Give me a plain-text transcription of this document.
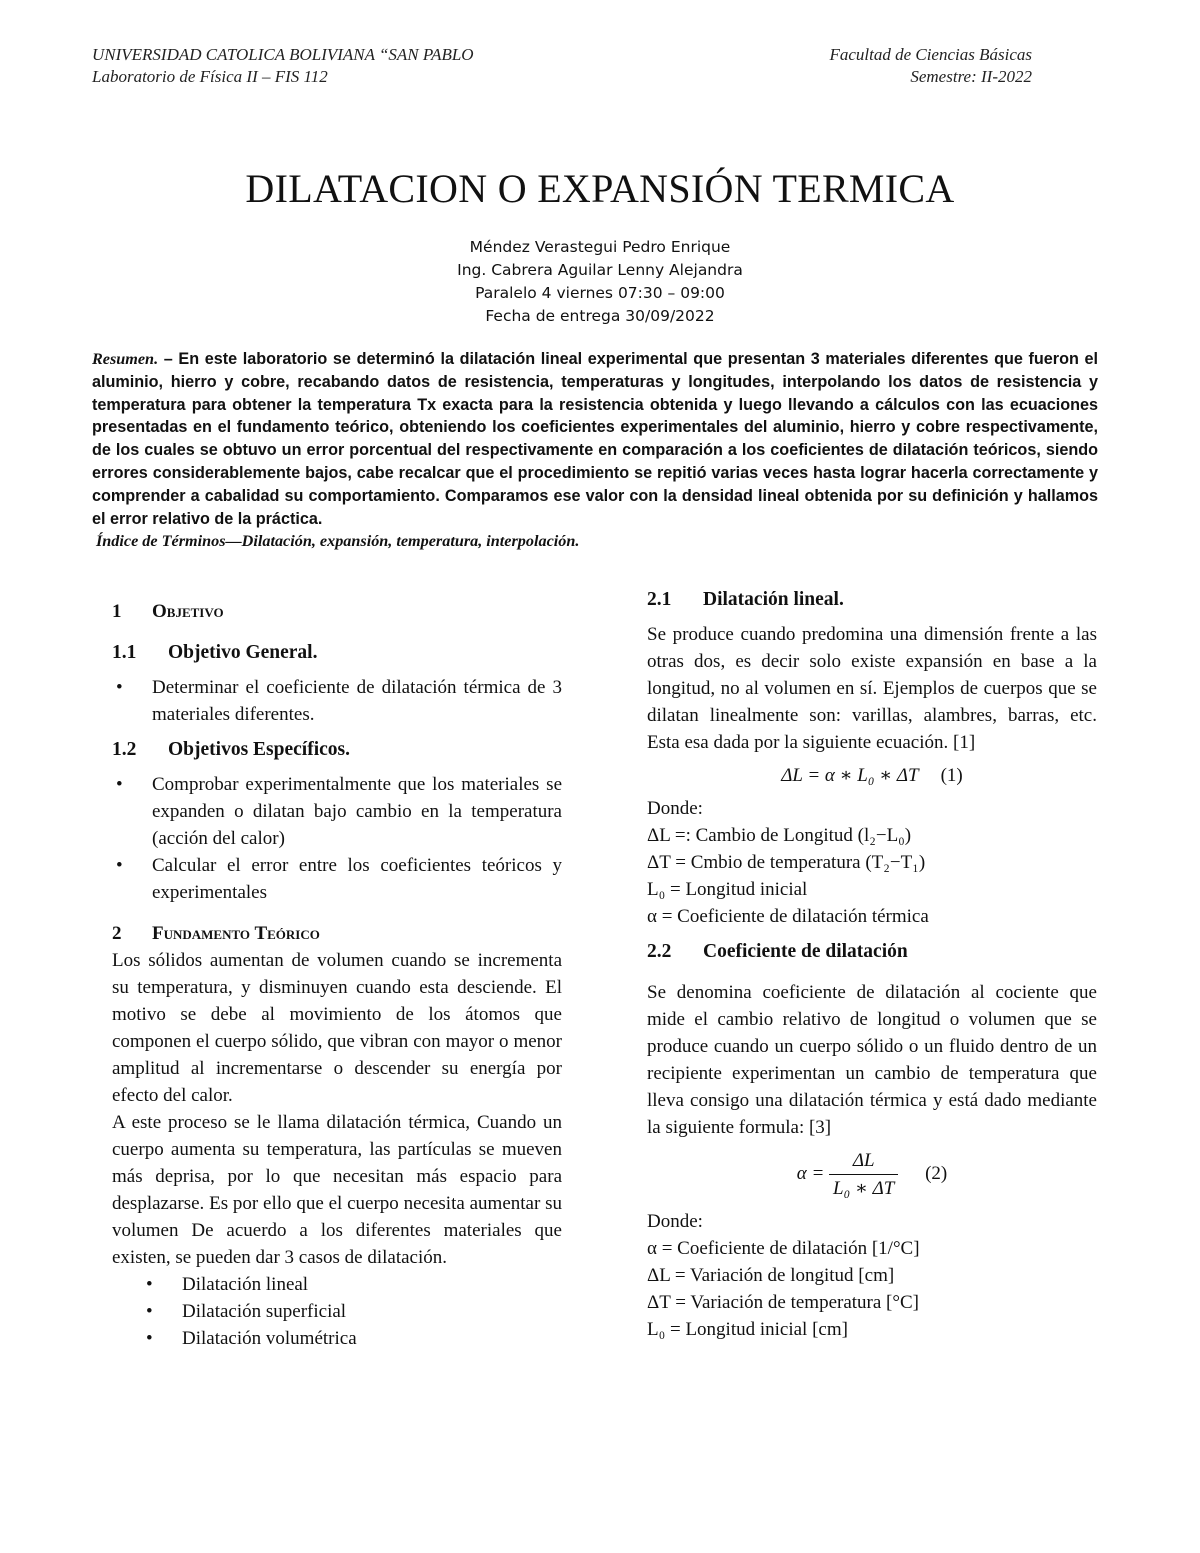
UNIVERSIDAD CATOLICA BOLIVIANA “SAN PABLO
Laboratorio de Física II – FIS 112
Facultad de Ciencias Básicas
Semestre: II-2022
DILATACION O EXPANSIÓN TERMICA
Méndez Verastegui Pedro Enrique
Ing. Cabrera Aguilar Lenny Alejandra
Paralelo 4 viernes 07:30 – 09:00
Fecha de entrega 30/09/2022
Resumen. – En este laboratorio se determinó la dilatación lineal experimental que presentan 3 materiales diferentes que fueron el aluminio, hierro y cobre, recabando datos de resistencia, temperaturas y longitudes, interpolando los datos de resistencia y temperatura para obtener la temperatura Tx exacta para la resistencia obtenida y luego llevando a cálculos con las ecuaciones presentadas en el fundamento teórico, obteniendo los coeficientes experimentales del aluminio, hierro y cobre respectivamente, de los cuales se obtuvo un error porcentual del respectivamente en comparación a los coeficientes de dilatación teóricos, siendo errores considerablemente bajos, cabe recalcar que el procedimiento se repitió varias veces hasta lograr hacerla correctamente y comprender a cabalidad su comportamiento. Comparamos ese valor con la densidad lineal obtenida por su definición y hallamos el error relativo de la práctica.
Índice de Términos—Dilatación, expansión, temperatura, interpolación.
1 Objetivo
1.1 Objetivo General.
• Determinar el coeficiente de dilatación térmica de 3 materiales diferentes.
1.2 Objetivos Específicos.
• Comprobar experimentalmente que los materiales se expanden o dilatan bajo cambio en la temperatura (acción del calor)
• Calcular el error entre los coeficientes teóricos y experimentales
2 Fundamento Teórico

Los sólidos aumentan de volumen cuando se incrementa su temperatura, y disminuyen cuando esta desciende. El motivo se debe al movimiento de los átomos que componen el cuerpo sólido, que vibran con mayor o menor amplitud al incrementarse o descender su energía por efecto del calor.

A este proceso se le llama dilatación térmica, Cuando un cuerpo aumenta su temperatura, las partículas se mueven más deprisa, por lo que necesitan más espacio para desplazarse. Es por ello que el cuerpo necesita aumentar su volumen De acuerdo a los diferentes materiales que existen, se pueden dar 3 casos de dilatación.

• Dilatación lineal
• Dilatación superficial
• Dilatación volumétrica
2.1 Dilatación lineal.

Se produce cuando predomina una dimensión frente a las otras dos, es decir solo existe expansión en base a la longitud, no al volumen en sí. Ejemplos de cuerpos que se dilatan linealmente son: varillas, alambres, barras, etc. Esta esa dada por la siguiente ecuación. [1]

ΔL = α ∗ L₀ ∗ ΔT (1)
Donde:
ΔL =: Cambio de Longitud (l₂−L₀)
ΔT = Cmbio de temperatura (T₂−T₁)
L₀ = Longitud inicial
α = Coeficiente de dilatación térmica
2.2 Coeficiente de dilatación

Se denomina coeficiente de dilatación al cociente que mide el cambio relativo de longitud o volumen que se produce cuando un cuerpo sólido o un fluido dentro de un recipiente experimentan un cambio de temperatura que lleva consigo una dilatación térmica y está dado mediante la siguiente formula: [3]

$\alpha = \frac{\Delta L}{\text{L₀ ∗ ΔT}} (2)$
Donde:
α = Coeficiente de dilatación [1/°C]
ΔL = Variación de longitud [cm]
ΔT = Variación de temperatura [°C]
L₀ = Longitud inicial [cm]
